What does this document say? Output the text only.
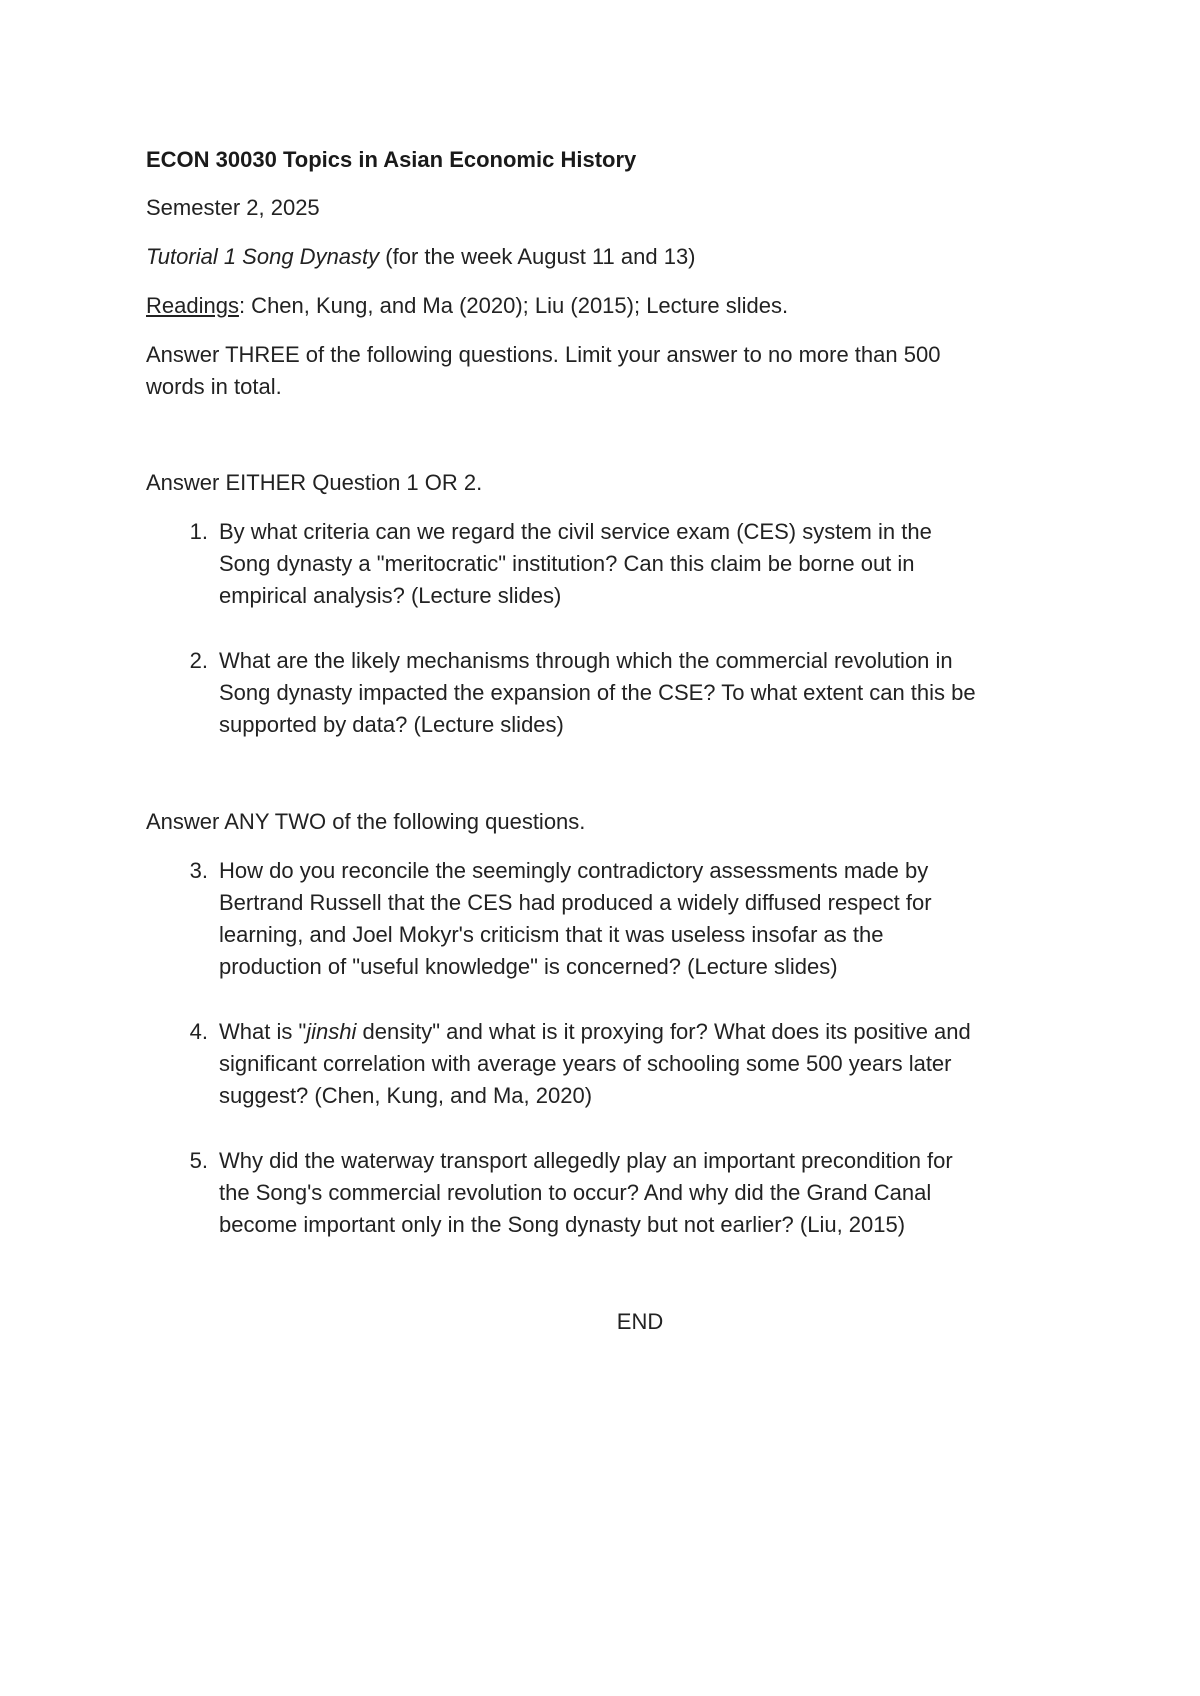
ECON 30030 Topics in Asian Economic History
Semester 2, 2025
Tutorial 1 Song Dynasty (for the week August 11 and 13)
Readings: Chen, Kung, and Ma (2020); Liu (2015); Lecture slides.
Answer THREE of the following questions. Limit your answer to no more than 500
words in total.
Answer EITHER Question 1 OR 2.
1. By what criteria can we regard the civil service exam (CES) system in the
Song dynasty a "meritocratic" institution? Can this claim be borne out in
empirical analysis? (Lecture slides)
2. What are the likely mechanisms through which the commercial revolution in
Song dynasty impacted the expansion of the CSE? To what extent can this be
supported by data? (Lecture slides)
Answer ANY TWO of the following questions.
3. How do you reconcile the seemingly contradictory assessments made by
Bertrand Russell that the CES had produced a widely diffused respect for
learning, and Joel Mokyr's criticism that it was useless insofar as the
production of "useful knowledge" is concerned? (Lecture slides)
4. What is "jinshi density" and what is it proxying for? What does its positive and
significant correlation with average years of schooling some 500 years later
suggest? (Chen, Kung, and Ma, 2020)
5. Why did the waterway transport allegedly play an important precondition for
the Song's commercial revolution to occur? And why did the Grand Canal
become important only in the Song dynasty but not earlier? (Liu, 2015)
END
